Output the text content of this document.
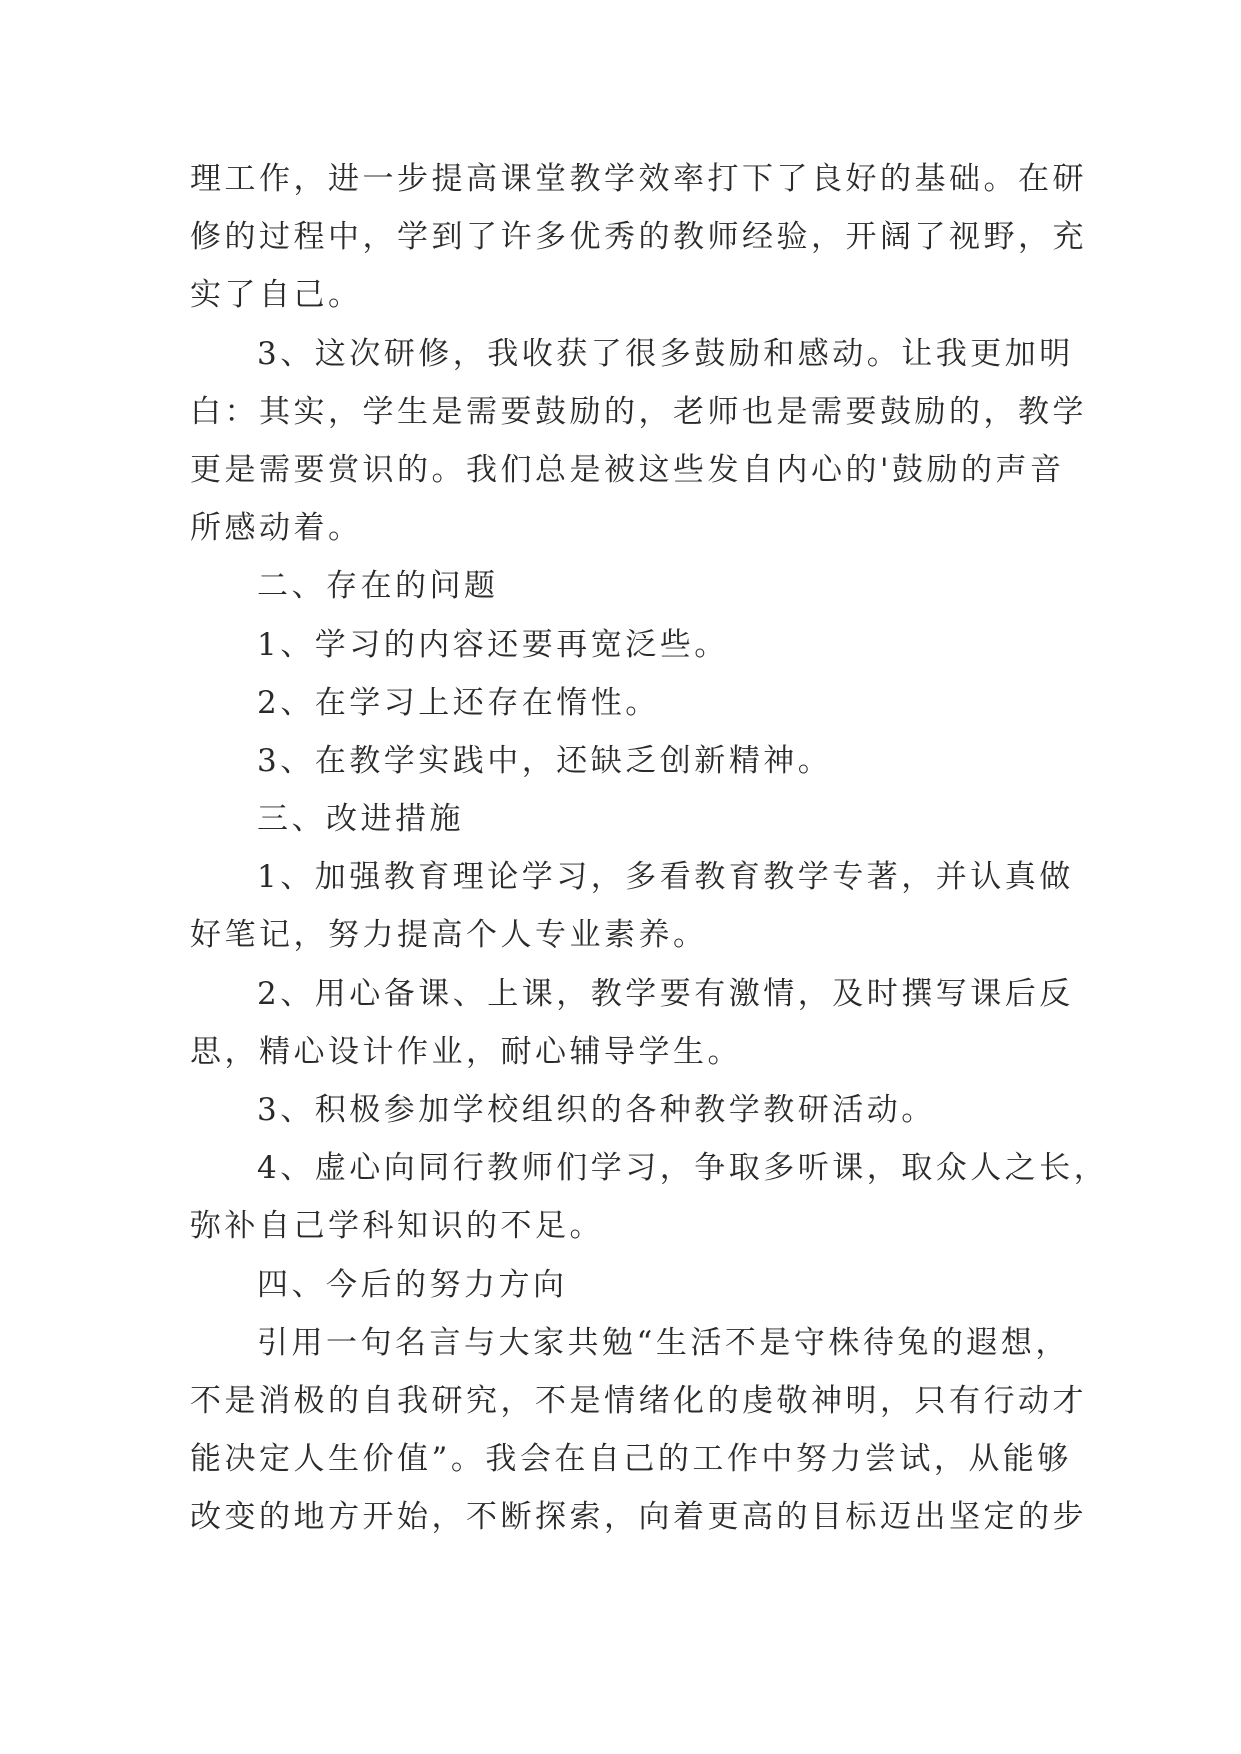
理工作，进一步提高课堂教学效率打下了良好的基础。在研
修的过程中，学到了许多优秀的教师经验，开阔了视野，充
实了自己。
3、这次研修，我收获了很多鼓励和感动。让我更加明
白：其实，学生是需要鼓励的，老师也是需要鼓励的，教学
更是需要赏识的。我们总是被这些发自内心的'鼓励的声音
所感动着。
二、存在的问题
1、学习的内容还要再宽泛些。
2、在学习上还存在惰性。
3、在教学实践中，还缺乏创新精神。
三、改进措施
1、加强教育理论学习，多看教育教学专著，并认真做
好笔记，努力提高个人专业素养。
2、用心备课、上课，教学要有激情，及时撰写课后反
思，精心设计作业，耐心辅导学生。
3、积极参加学校组织的各种教学教研活动。
4、虚心向同行教师们学习，争取多听课，取众人之长，
弥补自己学科知识的不足。
四、今后的努力方向
引用一句名言与大家共勉“生活不是守株待兔的遐想，
不是消极的自我研究，不是情绪化的虔敬神明，只有行动才
能决定人生价值”。我会在自己的工作中努力尝试，从能够
改变的地方开始，不断探索，向着更高的目标迈出坚定的步
